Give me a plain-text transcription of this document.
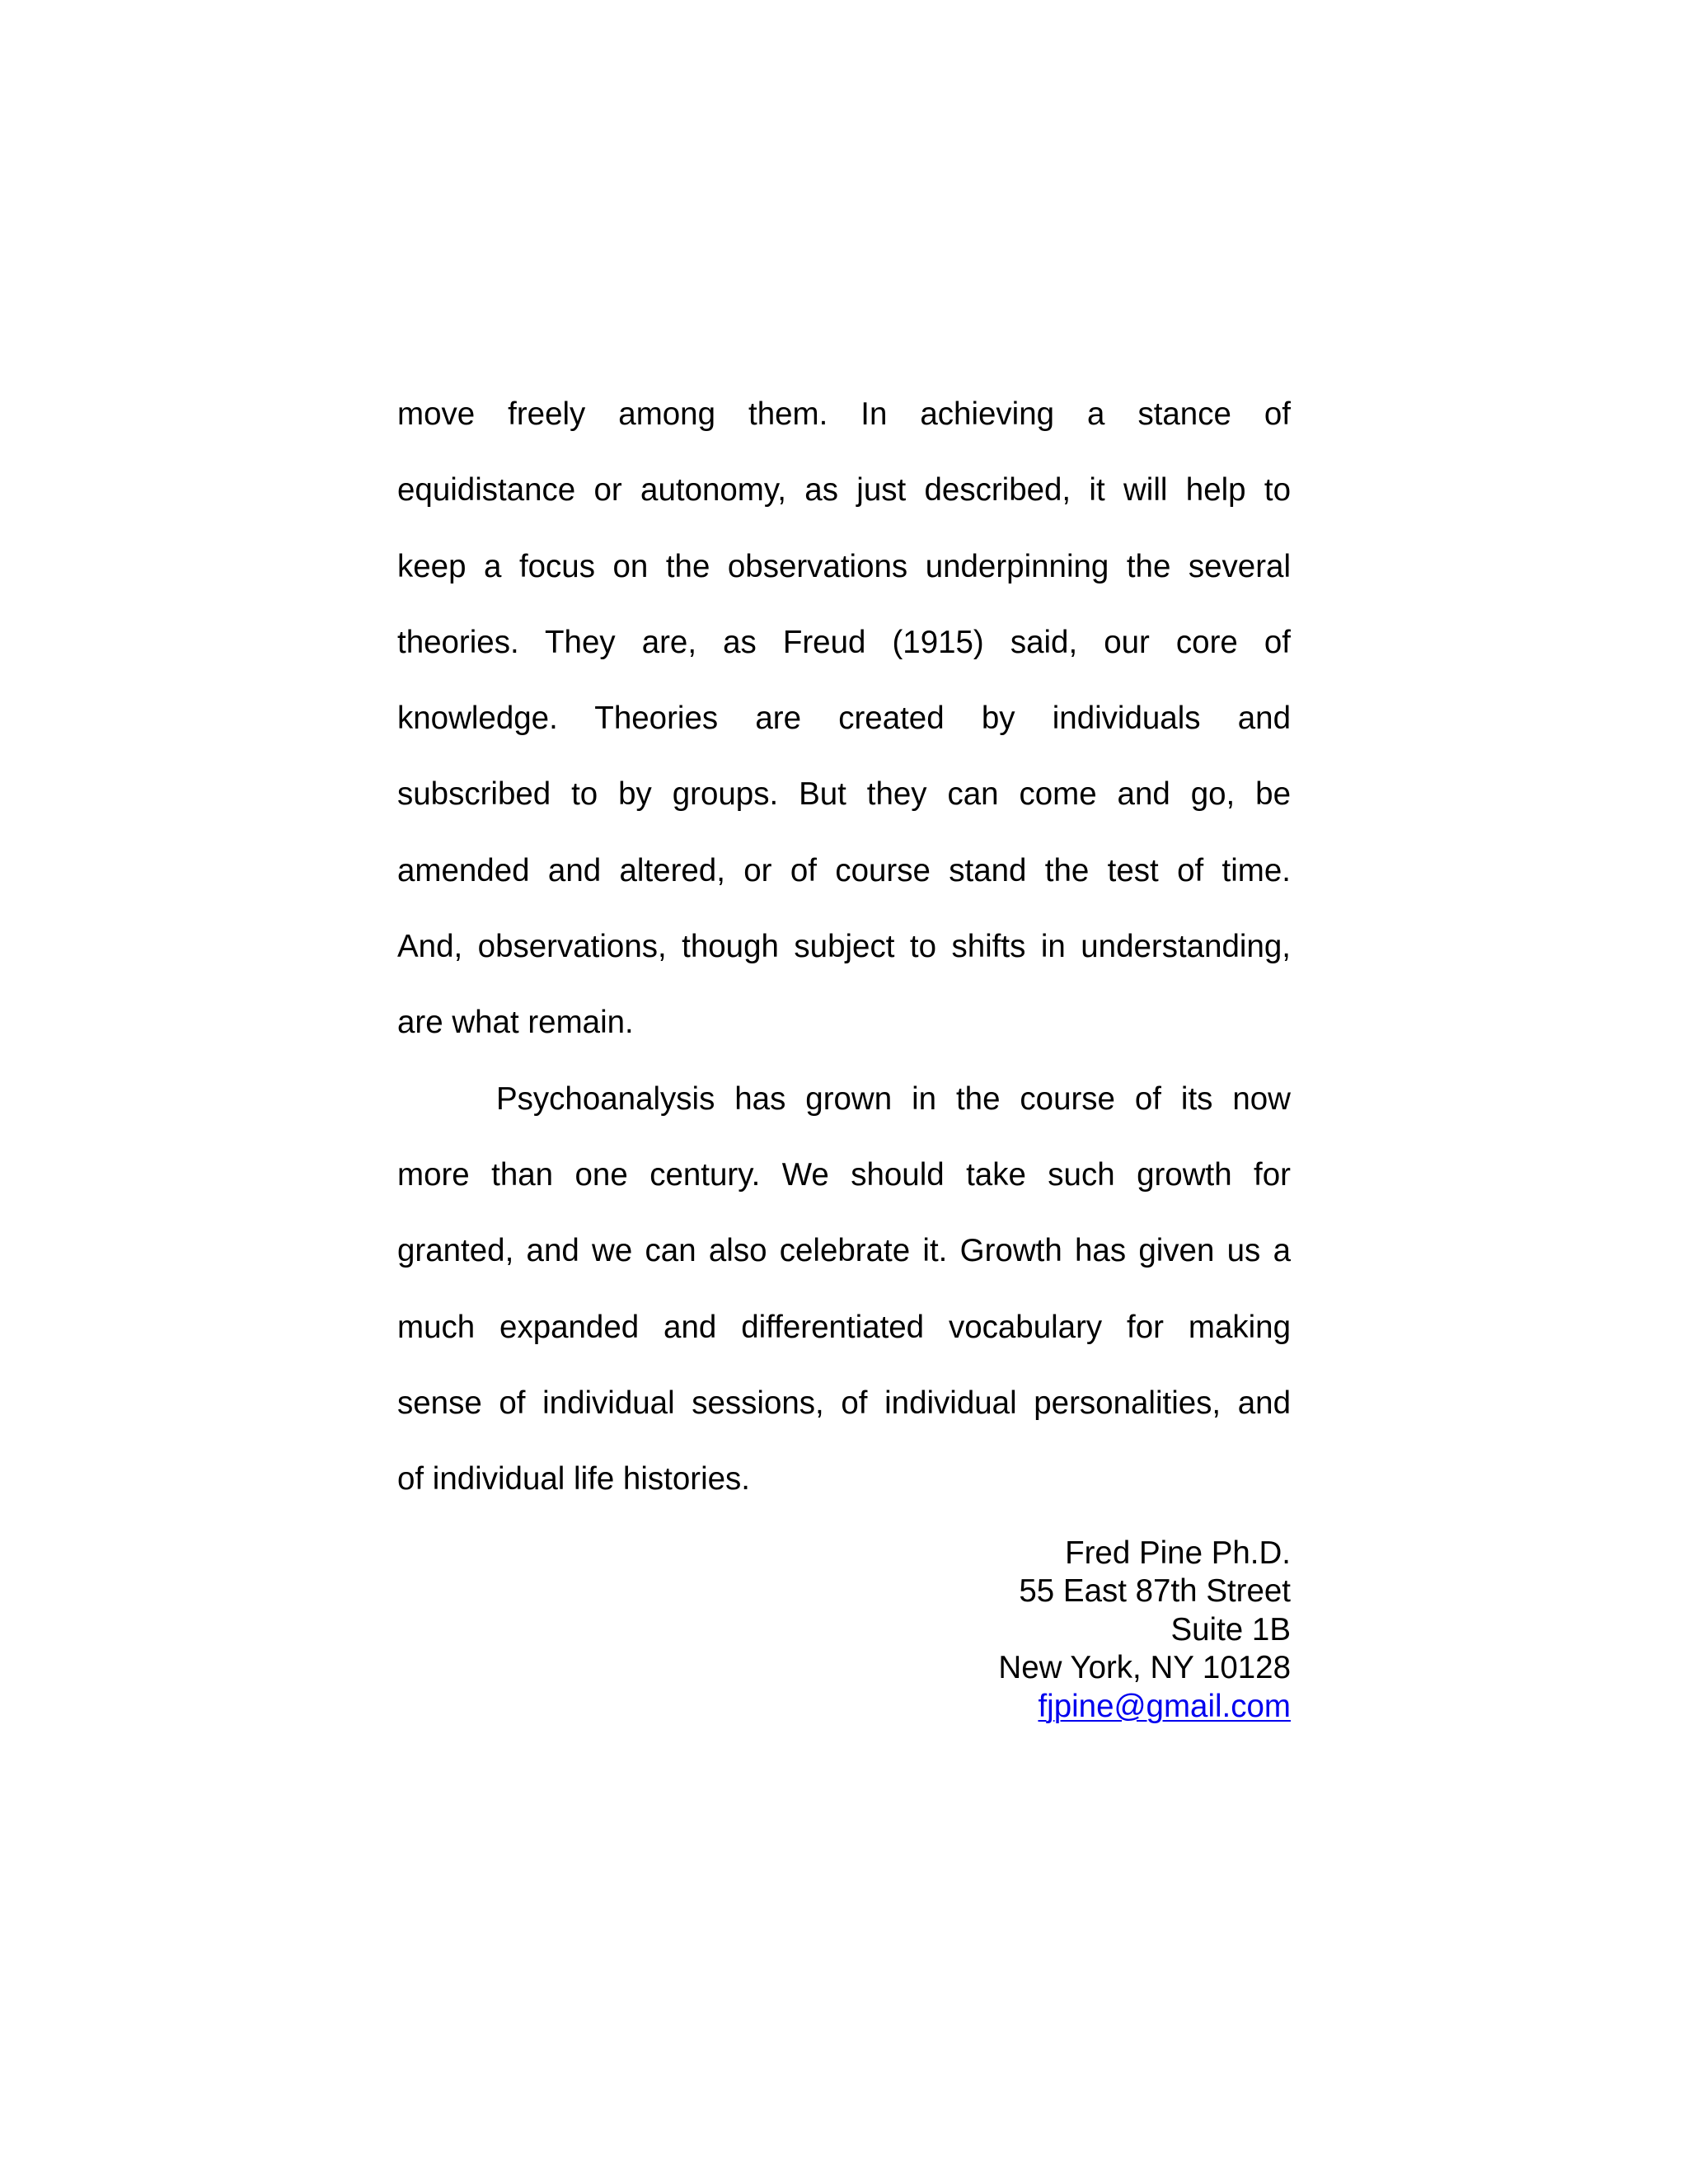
move freely among them. In achieving a stance of
equidistance or autonomy, as just described, it will help to
keep a focus on the observations underpinning the several
theories. They are, as Freud (1915) said, our core of
knowledge. Theories are created by individuals and
subscribed to by groups. But they can come and go, be
amended and altered, or of course stand the test of time.
And, observations, though subject to shifts in understanding,
are what remain.
Psychoanalysis has grown in the course of its now
more than one century. We should take such growth for
granted, and we can also celebrate it. Growth has given us a
much expanded and differentiated vocabulary for making
sense of individual sessions, of individual personalities, and
of individual life histories.
Fred Pine Ph.D.
55 East 87th Street
Suite 1B
New York, NY 10128
fjpine@gmail.com
